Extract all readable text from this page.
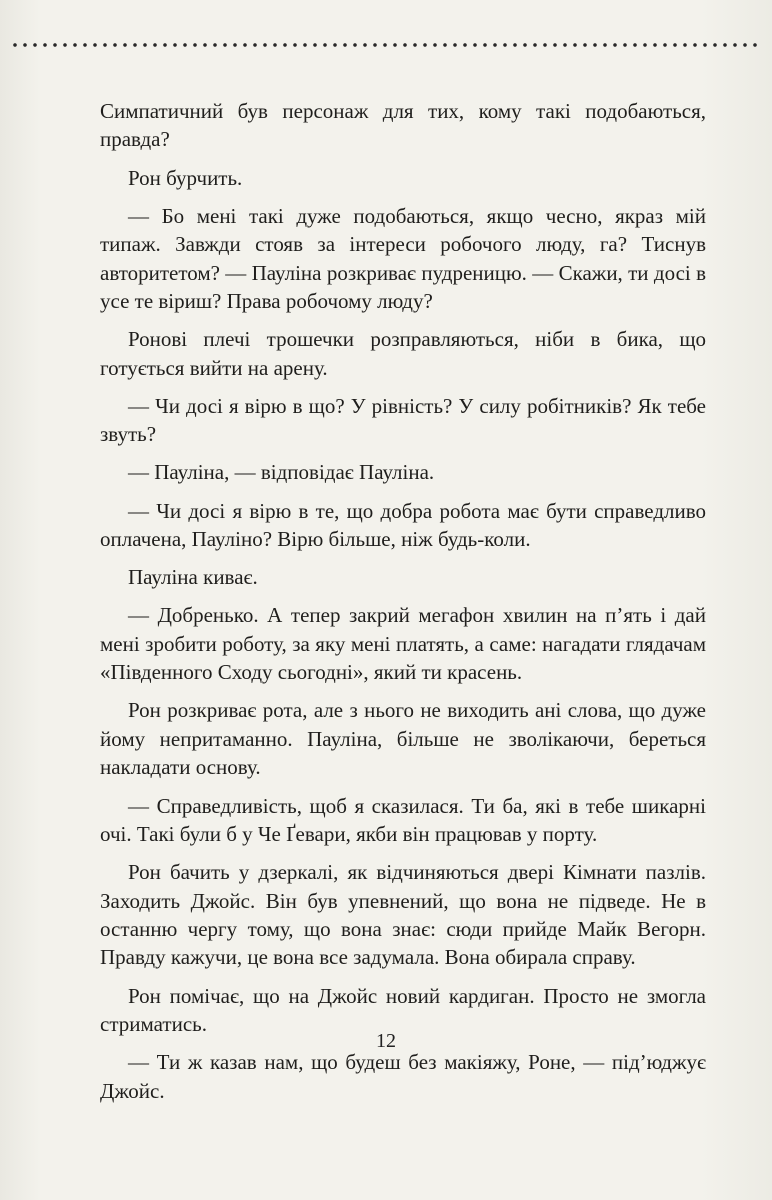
Симпатичний був персонаж для тих, кому такі подобаються, правда?

Рон бурчить.

— Бо мені такі дуже подобаються, якщо чесно, якраз мій типаж. Завжди стояв за інтереси робочого люду, га? Тиснув авторитетом? — Пауліна розкриває пудреницю. — Скажи, ти досі в усе те віриш? Права робочому люду?

Ронові плечі трошечки розправляються, ніби в бика, що готується вийти на арену.

— Чи досі я вірю в що? У рівність? У силу робітників? Як тебе звуть?

— Пауліна, — відповідає Пауліна.

— Чи досі я вірю в те, що добра робота має бути справедливо оплачена, Пауліно? Вірю більше, ніж будь-коли.

Пауліна киває.

— Добренько. А тепер закрий мегафон хвилин на п’ять і дай мені зробити роботу, за яку мені платять, а саме: нагадати глядачам «Південного Сходу сьогодні», який ти красень.

Рон розкриває рота, але з нього не виходить ані слова, що дуже йому непритаманно. Пауліна, більше не зволікаючи, береться накладати основу.

— Справедливість, щоб я сказилася. Ти ба, які в тебе шикарні очі. Такі були б у Че Ґевари, якби він працював у порту.

Рон бачить у дзеркалі, як відчиняються двері Кімнати пазлів. Заходить Джойс. Він був упевнений, що вона не підведе. Не в останню чергу тому, що вона знає: сюди прийде Майк Вегорн. Правду кажучи, це вона все задумала. Вона обирала справу.

Рон помічає, що на Джойс новий кардиган. Просто не змогла стриматись.

— Ти ж казав нам, що будеш без макіяжу, Роне, — під’юджує Джойс.

12
